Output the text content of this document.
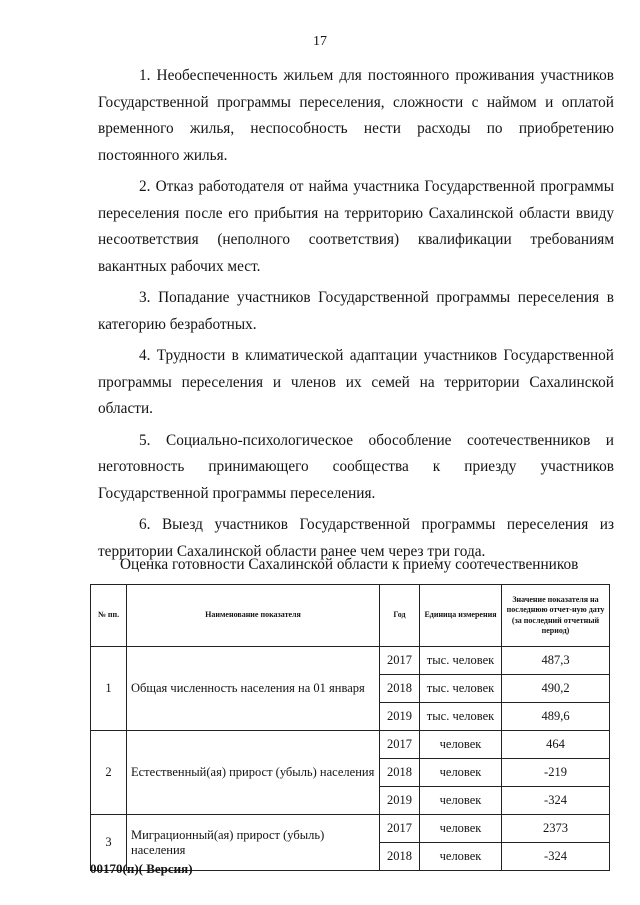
17

1. Необеспеченность жильем для постоянного проживания участников Государственной программы переселения, сложности с наймом и оплатой временного жилья, неспособность нести расходы по приобретению постоянного жилья.

2. Отказ работодателя от найма участника Государственной программы переселения после его прибытия на территорию Сахалинской области ввиду несоответствия (неполного соответствия) квалификации требованиям вакантных рабочих мест.

3. Попадание участников Государственной программы переселения в категорию безработных.

4. Трудности в климатической адаптации участников Государственной программы переселения и членов их семей на территории Сахалинской области.

5. Социально-психологическое обособление соотечественников и неготовность принимающего сообщества к приезду участников Государственной программы переселения.

6. Выезд участников Государственной программы переселения из территории Сахалинской области ранее чем через три года.

Оценка готовности Сахалинской области к приему соотечественников
№ пп.	Наименование показателя	Год	Единица измерения	Значение показателя на последнюю отчет-ную дату (за последний отчетный период)
1	Общая численность населения на 01 января	2017	тыс. человек	487,3
		2018	тыс. человек	490,2
		2019	тыс. человек	489,6
2	Естественный(ая) прирост (убыль) населения	2017	человек	464
		2018	человек	-219
		2019	человек	-324
3	Миграционный(ая) прирост (убыль) населения	2017	человек	2373
		2018	человек	-324
00170(п)( Версия)
